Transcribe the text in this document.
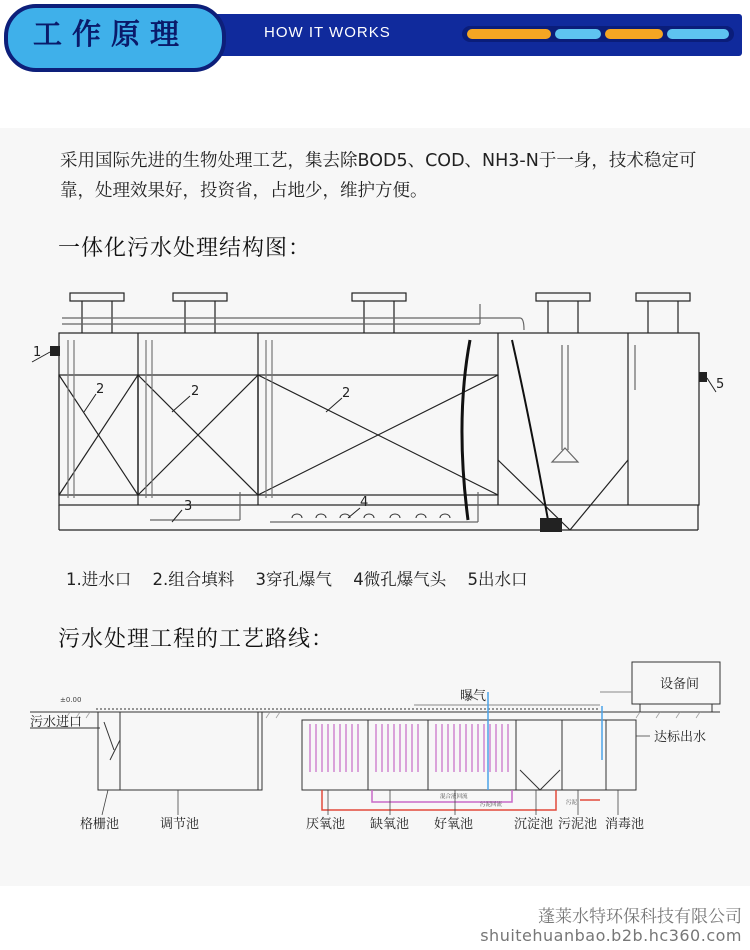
工作原理	HOW IT WORKS
采用国际先进的生物处理工艺，集去除BOD5、COD、NH3-N于一身，技术稳定可靠，处理效果好，投资省，占地少，维护方便。
一体化污水处理结构图：
1
2	2	2
3	4
5
1.进水口 2.组合填料 3穿孔爆气 4微孔爆气头 5出水口
污水处理工程的工艺路线：
混合液回流
污泥回流	污泥
±0.00
污水进口
曝气
设备间
达标出水
格栅池	调节池	厌氧池 缺氧池 好氧池	沉淀池 污泥池 消毒池
蓬莱水特环保科技有限公司
shuitehuanbao.b2b.hc360.com
